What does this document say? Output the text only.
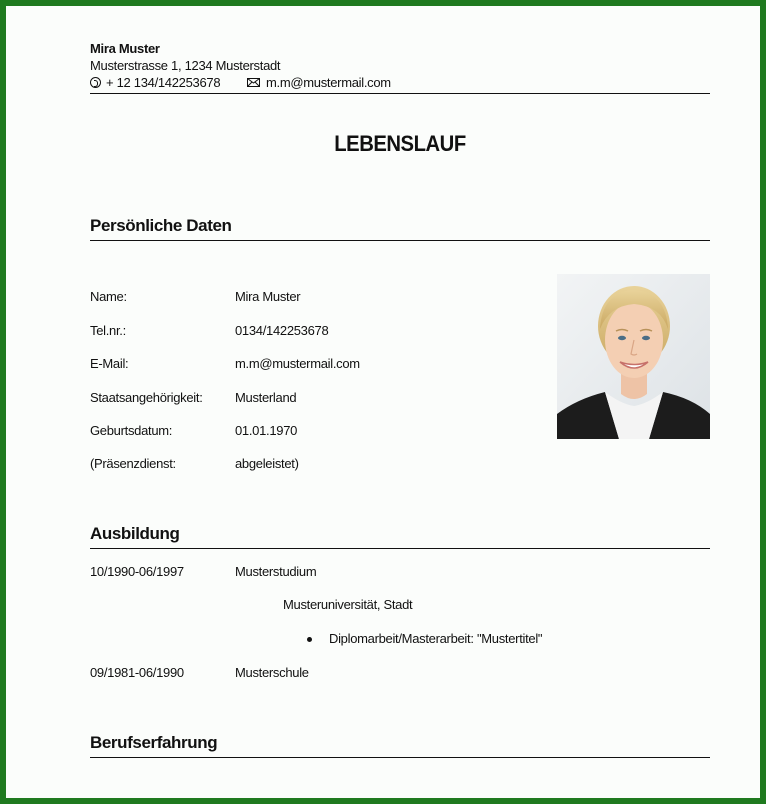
Mira Muster
Musterstrasse 1, 1234 Musterstadt
+ 12 134/142253678	m.m@mustermail.com
LEBENSLAUF
Persönliche Daten
Name:	Mira Muster
Tel.nr.:	0134/142253678
E-Mail:	m.m@mustermail.com
Staatsangehörigkeit:	Musterland
Geburtsdatum:	01.01.1970
(Präsenzdienst:	abgeleistet)
Ausbildung
10/1990-06/1997	Musterstudium
Musteruniversität, Stadt
Diplomarbeit/Masterarbeit: "Mustertitel"
09/1981-06/1990	Musterschule
Berufserfahrung
